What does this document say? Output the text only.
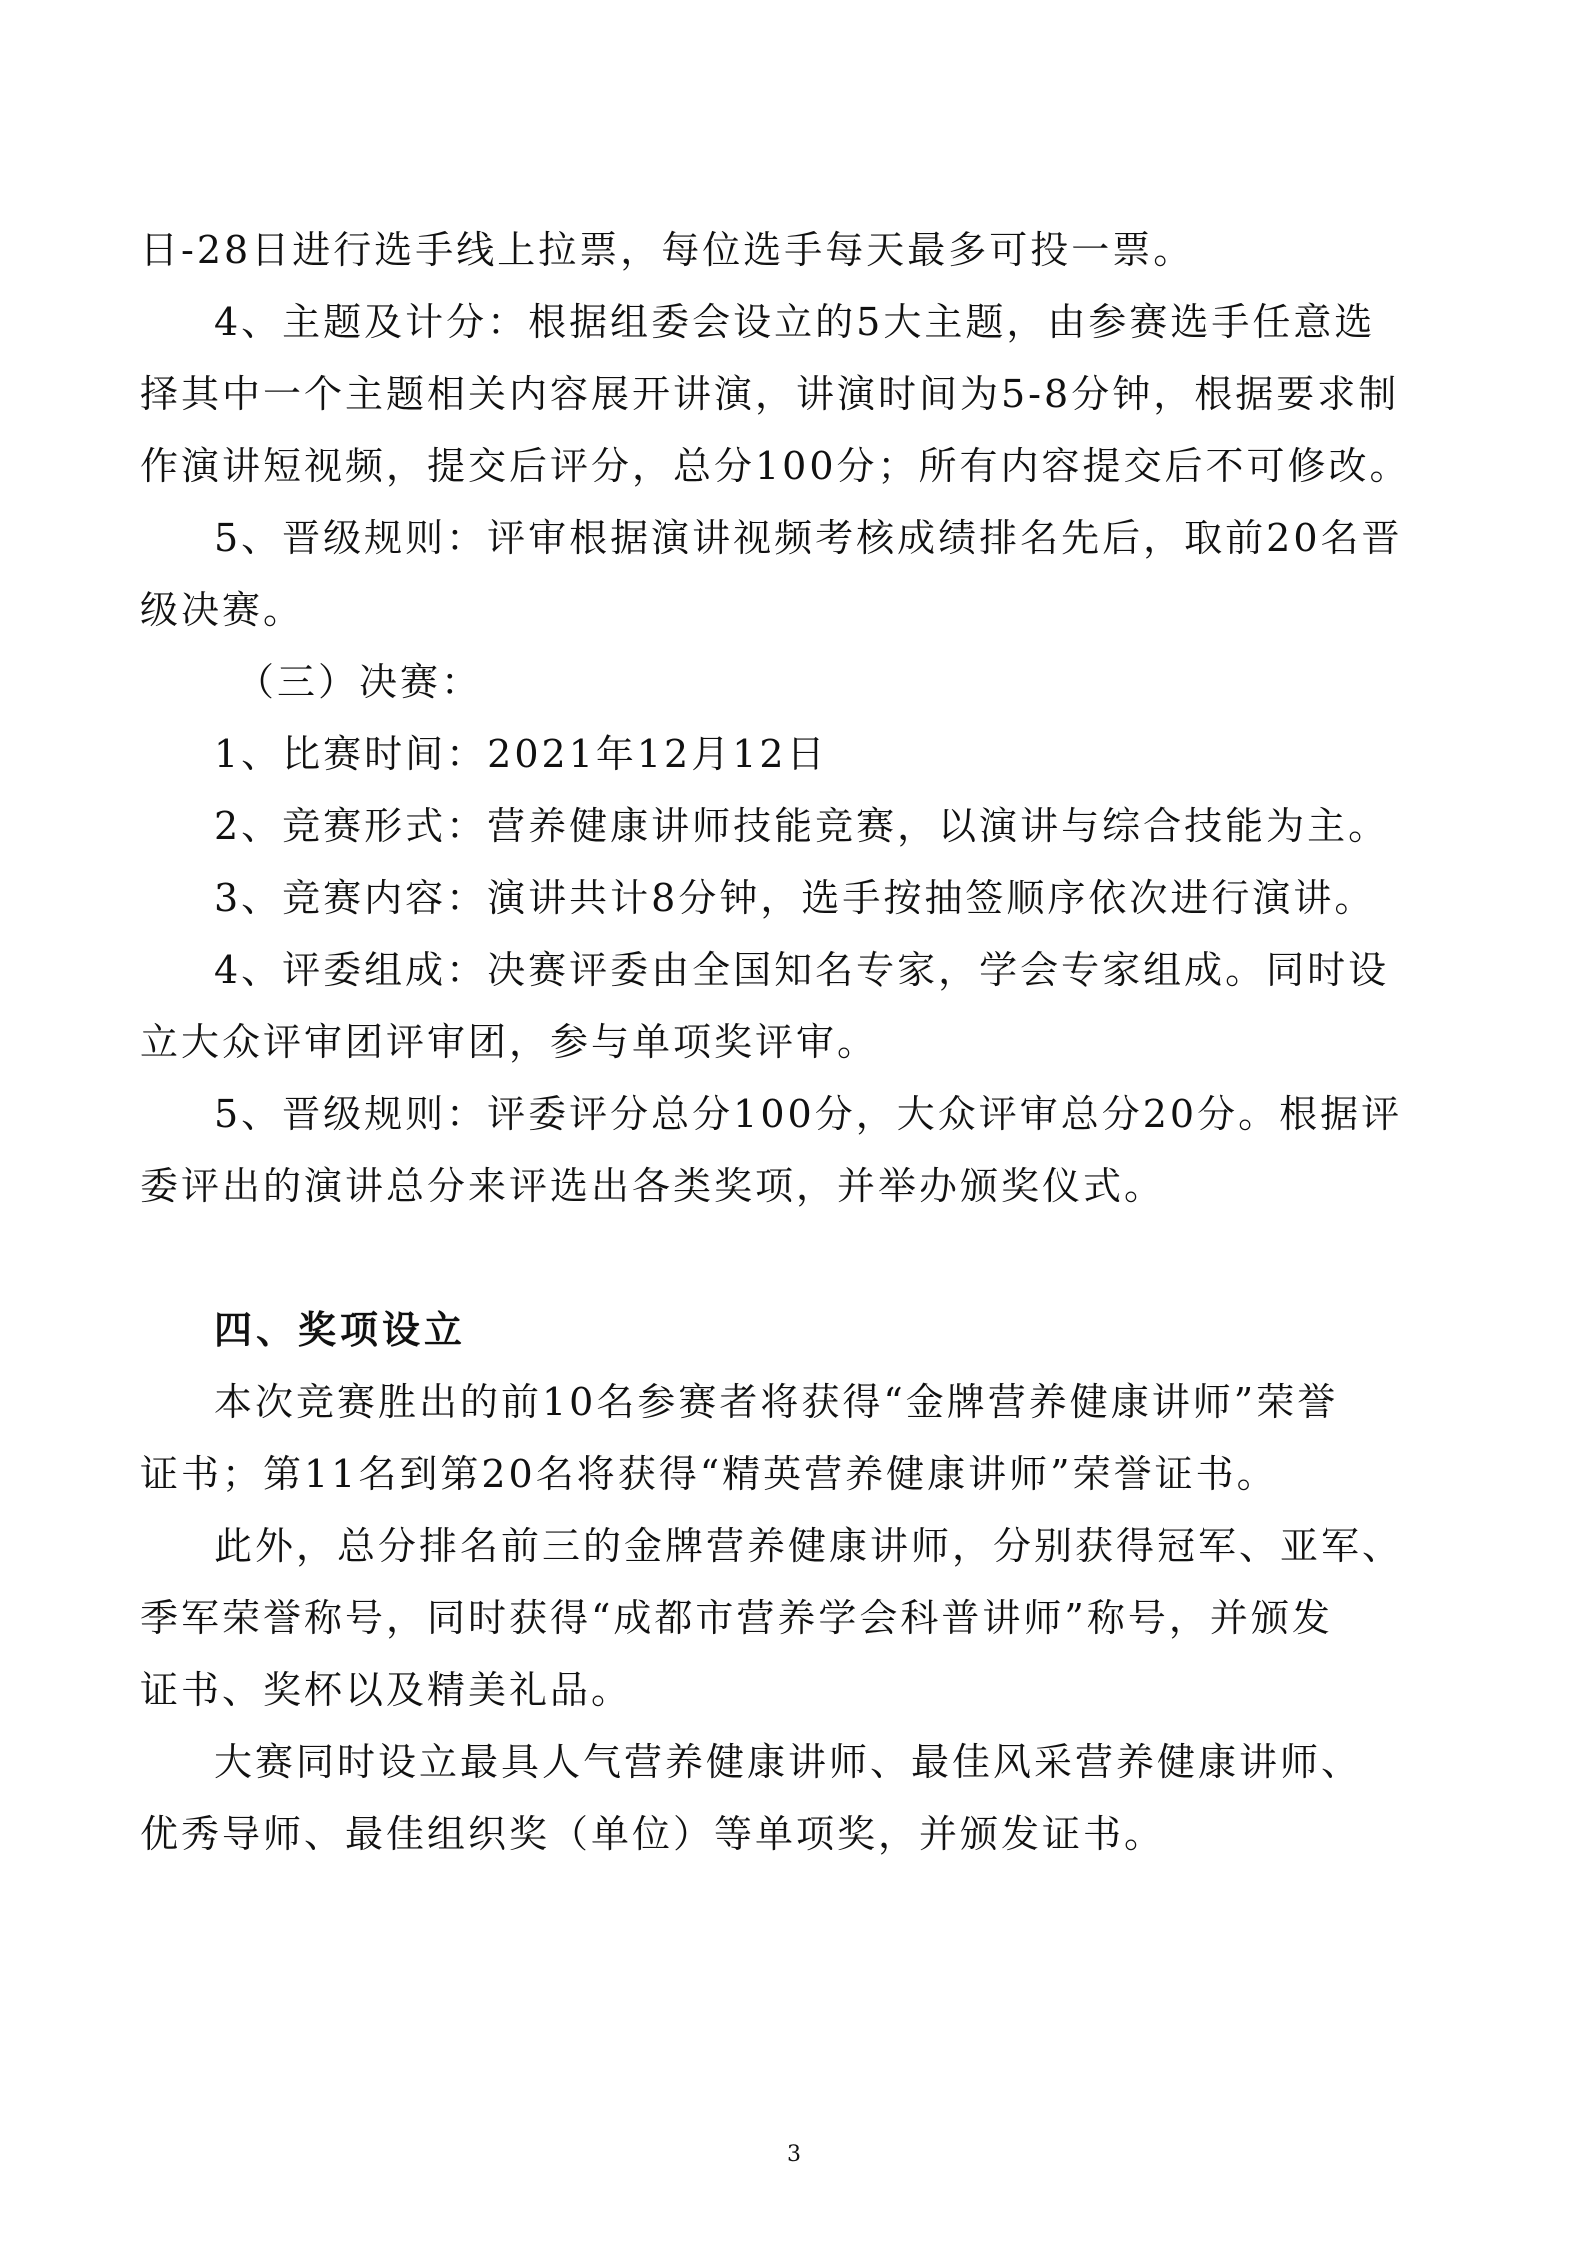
日-28日进行选手线上拉票，每位选手每天最多可投一票。
4、主题及计分：根据组委会设立的5大主题，由参赛选手任意选
择其中一个主题相关内容展开讲演，讲演时间为5-8分钟，根据要求制
作演讲短视频，提交后评分，总分100分；所有内容提交后不可修改。
5、晋级规则：评审根据演讲视频考核成绩排名先后，取前20名晋
级决赛。
（三）决赛：
1、比赛时间：2021年12月12日
2、竞赛形式：营养健康讲师技能竞赛，以演讲与综合技能为主。
3、竞赛内容：演讲共计8分钟，选手按抽签顺序依次进行演讲。
4、评委组成：决赛评委由全国知名专家，学会专家组成。同时设
立大众评审团评审团，参与单项奖评审。
5、晋级规则：评委评分总分100分，大众评审总分20分。根据评
委评出的演讲总分来评选出各类奖项，并举办颁奖仪式。
四、奖项设立
本次竞赛胜出的前10名参赛者将获得“金牌营养健康讲师”荣誉
证书；第11名到第20名将获得“精英营养健康讲师”荣誉证书。
此外，总分排名前三的金牌营养健康讲师，分别获得冠军、亚军、
季军荣誉称号，同时获得“成都市营养学会科普讲师”称号，并颁发
证书、奖杯以及精美礼品。
大赛同时设立最具人气营养健康讲师、最佳风采营养健康讲师、
优秀导师、最佳组织奖（单位）等单项奖，并颁发证书。
3
